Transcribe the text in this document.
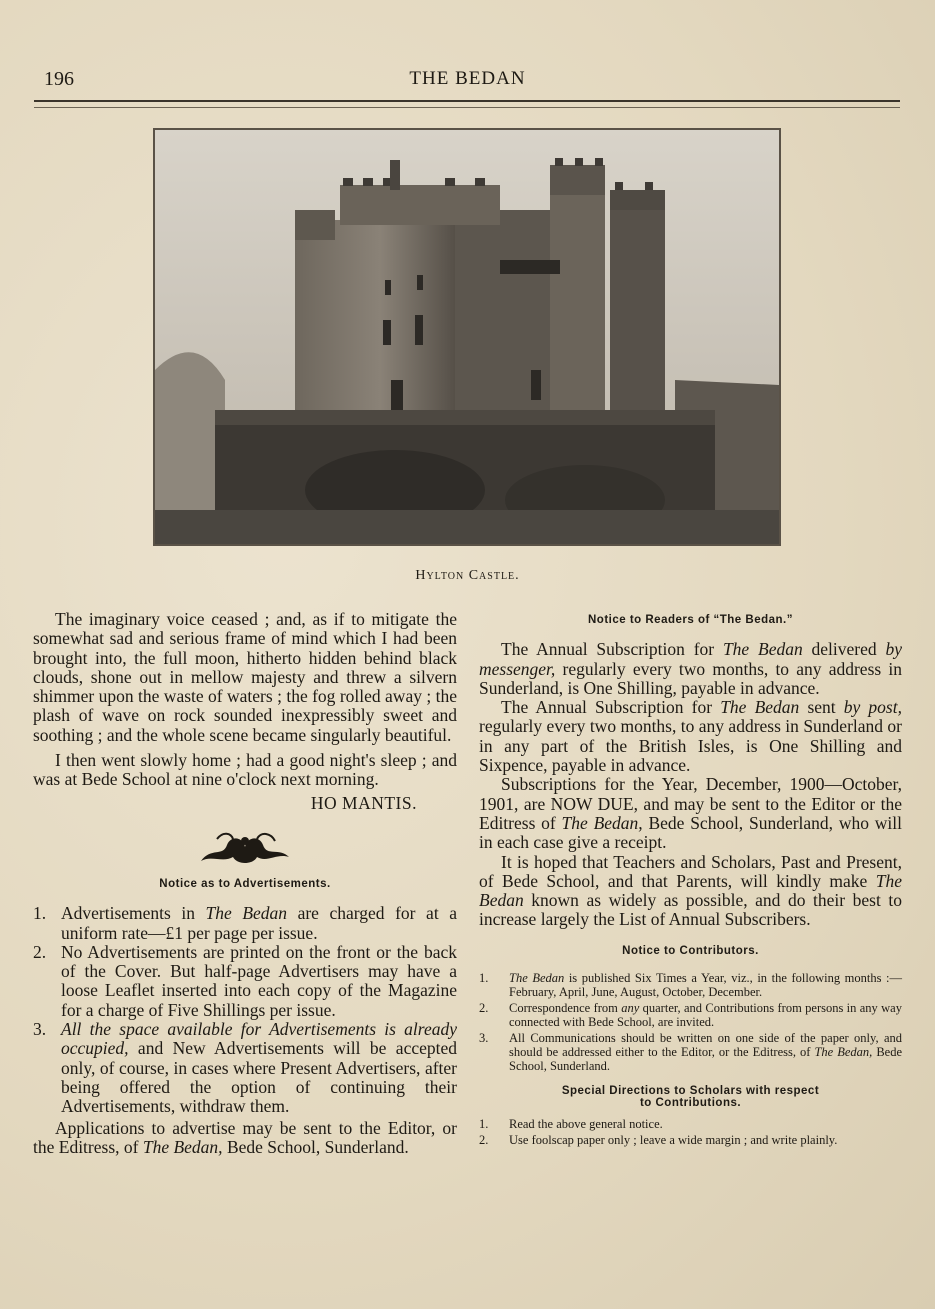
196	THE BEDAN
Hylton Castle.

The imaginary voice ceased ; and, as if to mitigate the somewhat sad and serious frame of mind which I had been brought into, the full moon, hitherto hidden behind black clouds, shone out in mellow majesty and threw a silvern shimmer upon the waste of waters ; the fog rolled away ; the plash of wave on rock sounded inexpressibly sweet and soothing ; and the whole scene became singularly beautiful.

I then went slowly home ; had a good night's sleep ; and was at Bede School at nine o'clock next morning.

HO MANTIS.

Notice as to Advertisements.

1. Advertisements in The Bedan are charged for at a uniform rate—£1 per page per issue.
2. No Advertisements are printed on the front or the back of the Cover. But half-page Advertisers may have a loose Leaflet inserted into each copy of the Magazine for a charge of Five Shillings per issue.
3. All the space available for Advertisements is already occupied, and New Advertisements will be accepted only, of course, in cases where Present Advertisers, after being offered the option of continuing their Advertisements, withdraw them.

Applications to advertise may be sent to the Editor, or the Editress, of The Bedan, Bede School, Sunderland.

Notice to Readers of “The Bedan.”

The Annual Subscription for The Bedan delivered by messenger, regularly every two months, to any address in Sunderland, is One Shilling, payable in advance.

The Annual Subscription for The Bedan sent by post, regularly every two months, to any address in Sunderland or in any part of the British Isles, is One Shilling and Sixpence, payable in advance.

Subscriptions for the Year, December, 1900—October, 1901, are NOW DUE, and may be sent to the Editor or the Editress of The Bedan, Bede School, Sunderland, who will in each case give a receipt.

It is hoped that Teachers and Scholars, Past and Present, of Bede School, and that Parents, will kindly make The Bedan known as widely as possible, and do their best to increase largely the List of Annual Subscribers.

Notice to Contributors.

1. The Bedan is published Six Times a Year, viz., in the following months :—February, April, June, August, October, December.
2. Correspondence from any quarter, and Contributions from persons in any way connected with Bede School, are invited.
3. All Communications should be written on one side of the paper only, and should be addressed either to the Editor, or the Editress, of The Bedan, Bede School, Sunderland.

Special Directions to Scholars with respect
to Contributions.

1. Read the above general notice.
2. Use foolscap paper only ; leave a wide margin ; and write plainly.
